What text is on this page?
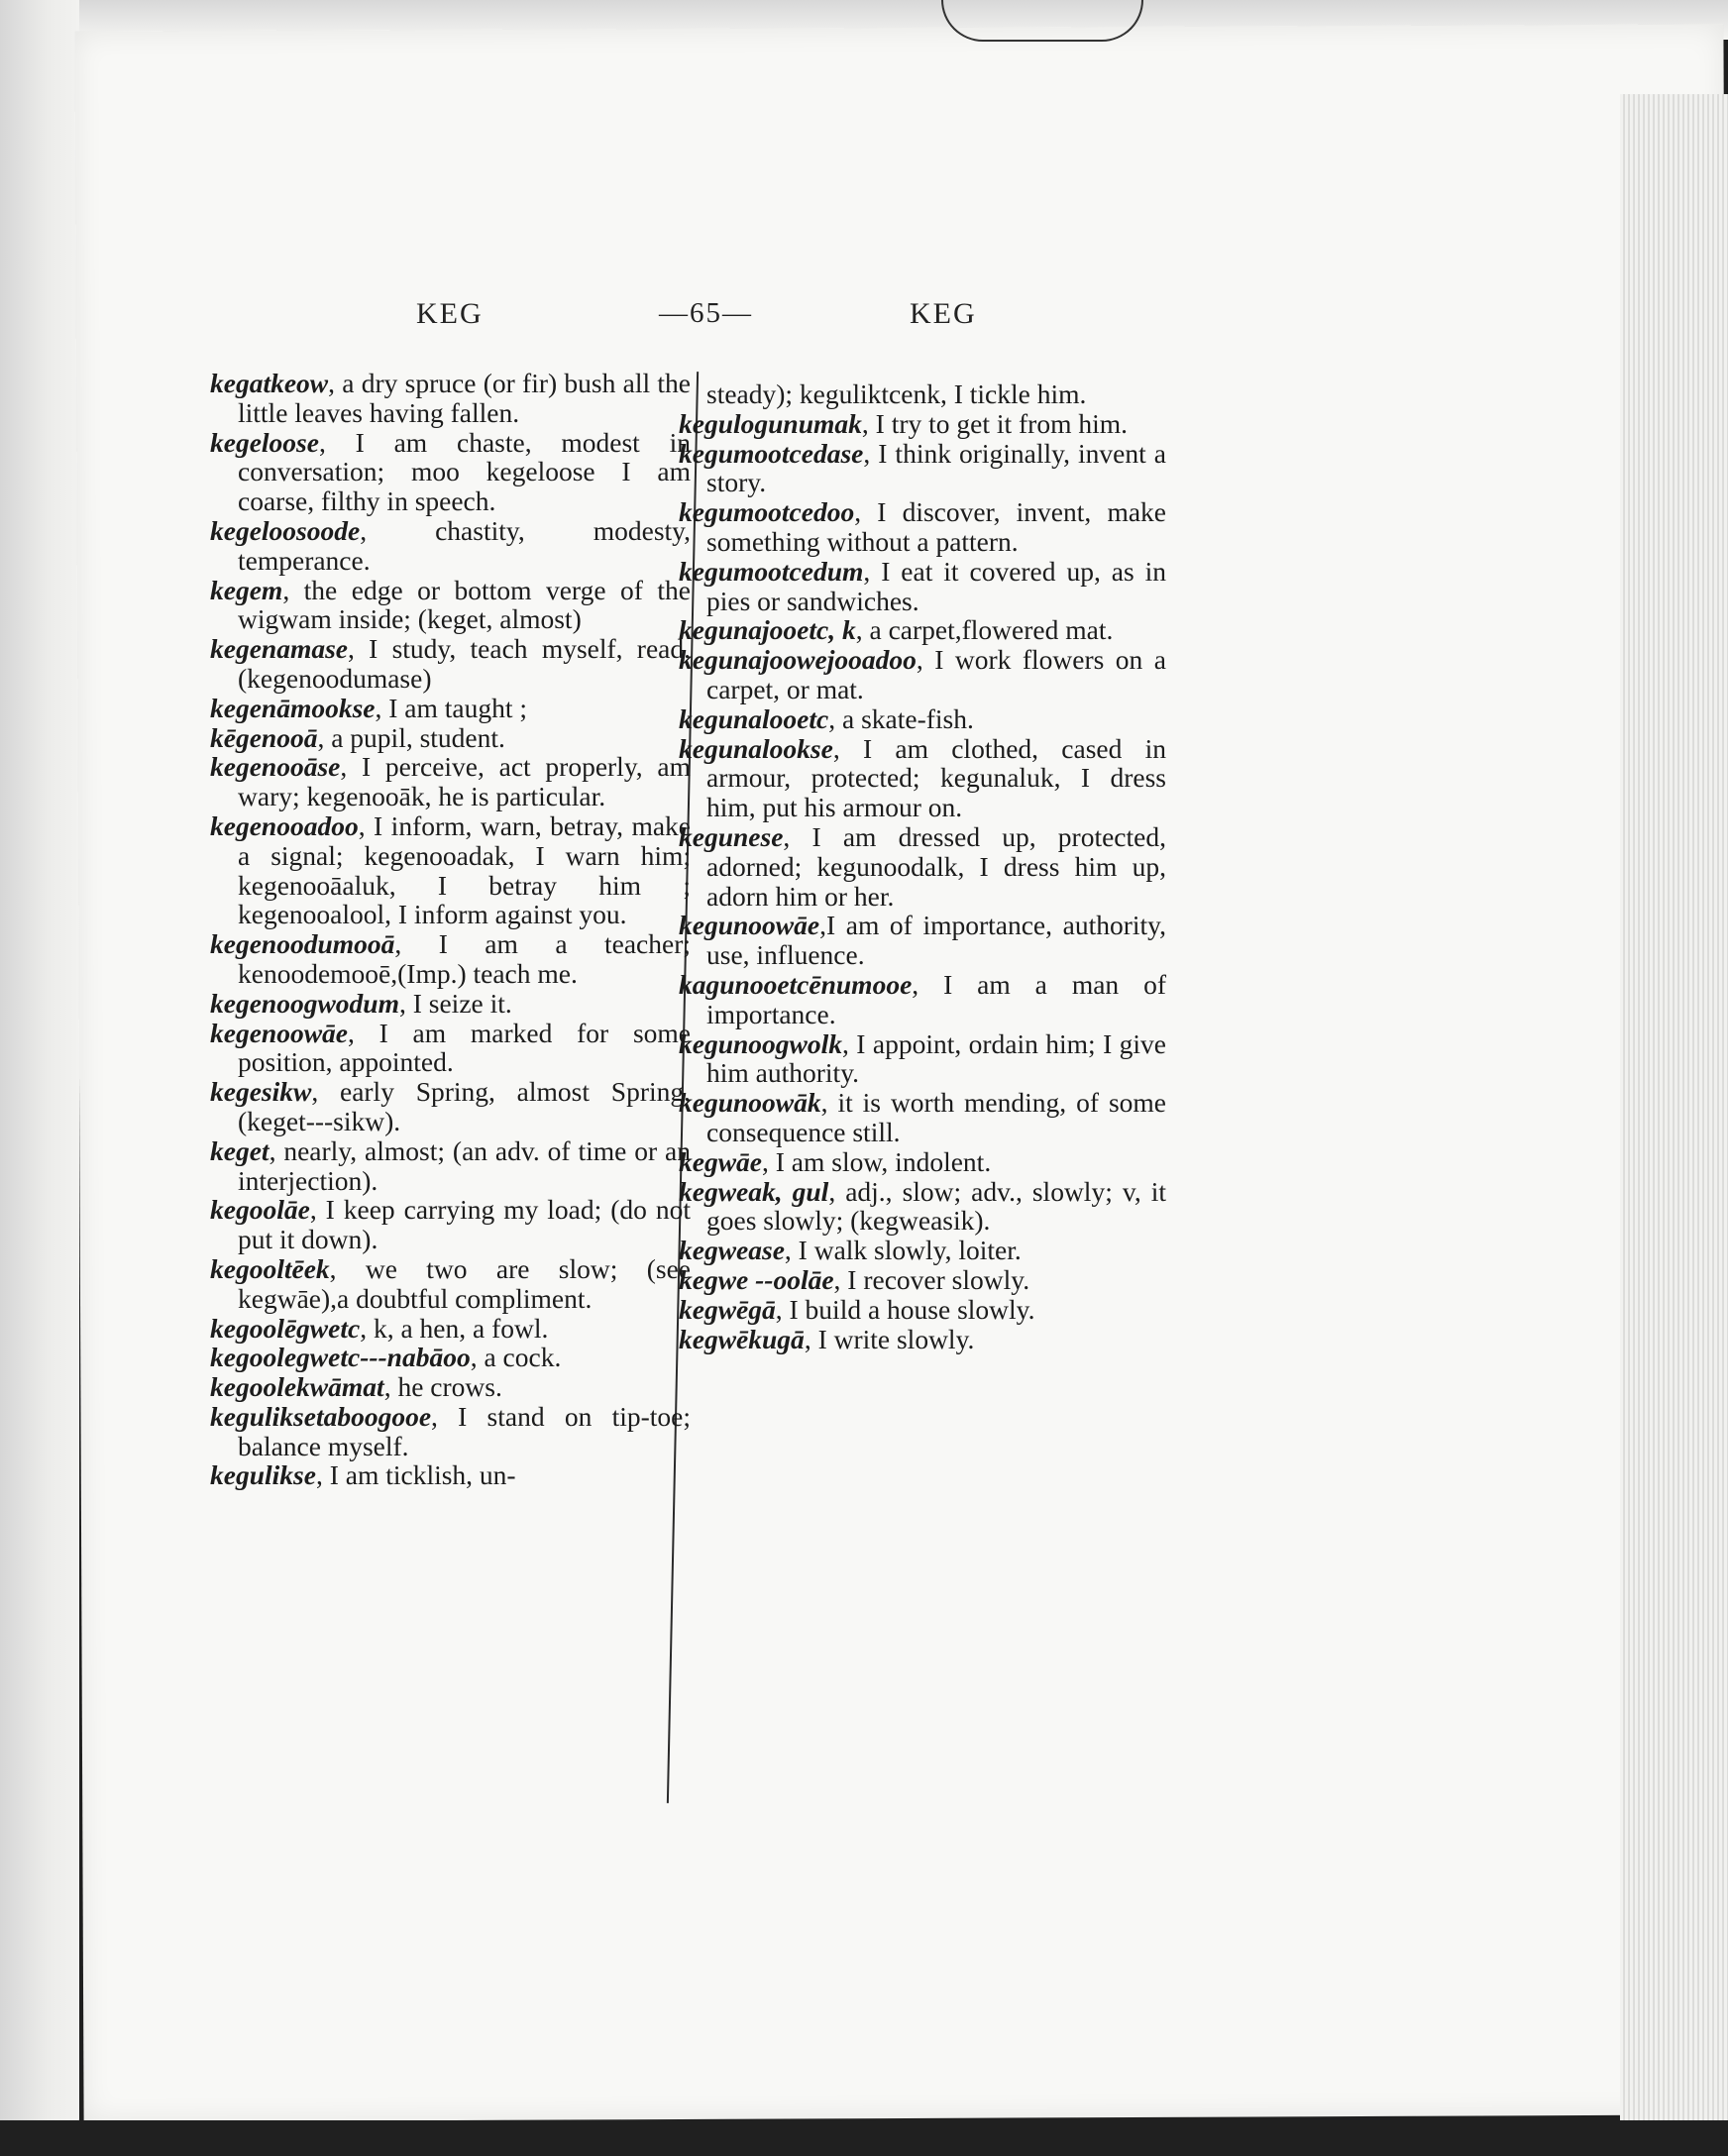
KEG	—65—	KEG

kegatkeow, a dry spruce (or fir) bush all the little leaves having fallen.

kegeloose, I am chaste, modest in conversation; moo kegeloose I am coarse, filthy in speech.

kegeloosoode, chastity, modesty, temperance.

kegem, the edge or bottom verge of the wigwam inside; (keget, almost)

kegenamase, I study, teach myself, read. (kegenoodumase)

kegenāmookse, I am taught ;

kēgenooā, a pupil, student.

kegenooāse, I perceive, act properly, am wary; kegenooāk, he is particular.

kegenooadoo, I inform, warn, betray, make a signal; kegenooadak, I warn him; kegenooāaluk, I betray him ; kegenooalool, I inform against you.

kegenoodumooā, I am a teacher; kenoodemooē,(Imp.) teach me.

kegenoogwodum, I seize it.

kegenoowāe, I am marked for some position, appointed.

kegesikw, early Spring, almost Spring, (keget---sikw).

keget, nearly, almost; (an adv. of time or an interjection).

kegoolāe, I keep carrying my load; (do not put it down).

kegooltēek, we two are slow; (see kegwāe),a doubtful compliment.

kegoolēgwetc, k, a hen, a fowl.

kegoolegwetc---nabāoo, a cock.

kegoolekwāmat, he crows.

keguliksetaboogooe, I stand on tip-toe; balance myself.

kegulikse, I am ticklish, un-

steady); keguliktcenk, I tickle him.

kegulogunumak, I try to get it from him.

kegumootcedase, I think originally, invent a story.

kegumootcedoo, I discover, invent, make something without a pattern.

kegumootcedum, I eat it covered up, as in pies or sandwiches.

kegunajooetc, k, a carpet,flowered mat.

kegunajoowejooadoo, I work flowers on a carpet, or mat.

kegunalooetc, a skate-fish.

kegunalookse, I am clothed, cased in armour, protected; kegunaluk, I dress him, put his armour on.

kegunese, I am dressed up, protected, adorned; kegunoodalk, I dress him up, adorn him or her.

kegunoowāe,I am of importance, authority, use, influence.

kagunooetcēnumooe, I am a man of importance.

kegunoogwolk, I appoint, ordain him; I give him authority.

kegunoowāk, it is worth mending, of some consequence still.

kegwāe, I am slow, indolent.

kegweak, gul, adj., slow; adv., slowly; v, it goes slowly; (kegweasik).

kegwease, I walk slowly, loiter.

kegwe --oolāe, I recover slowly.

kegwēgā, I build a house slowly.

kegwēkugā, I write slowly.
